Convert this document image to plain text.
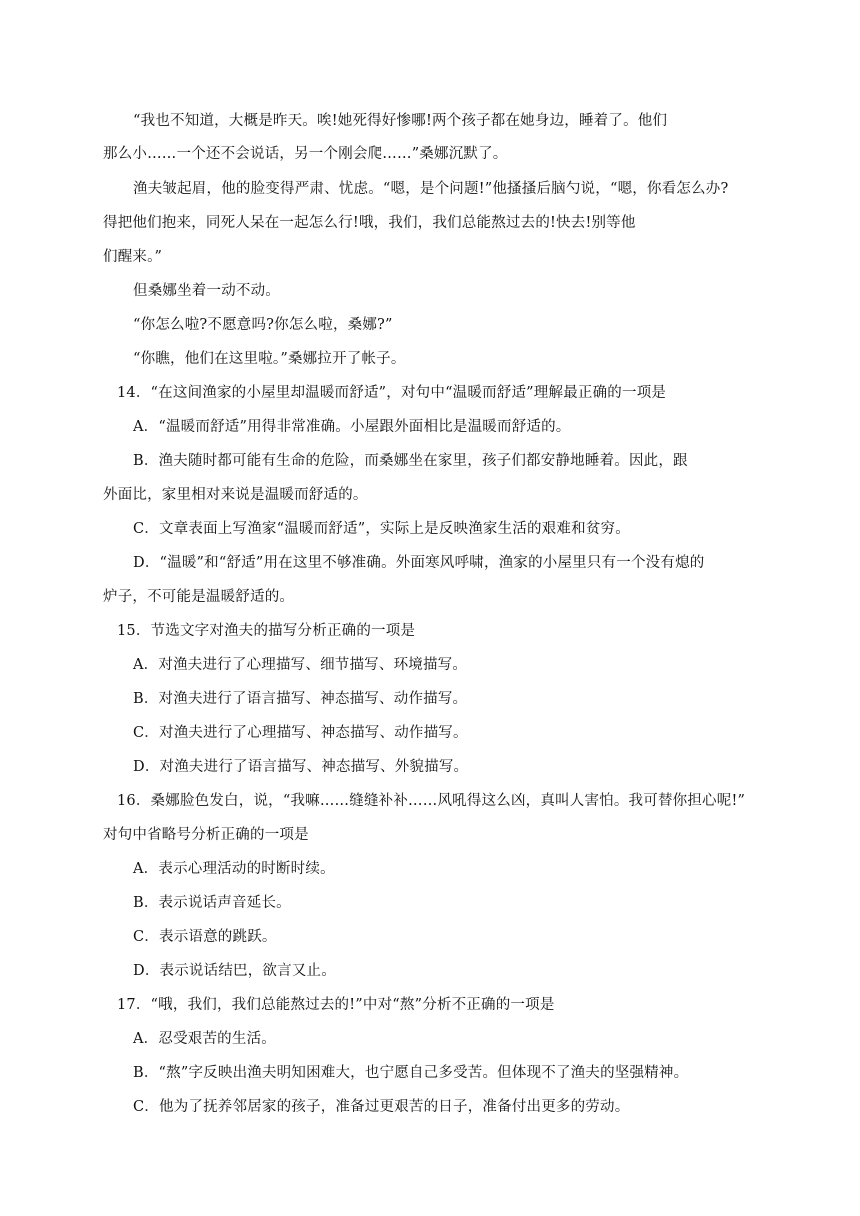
“我也不知道，大概是昨天。唉!她死得好惨哪!两个孩子都在她身边，睡着了。他们
那么小……一个还不会说话，另一个刚会爬……”桑娜沉默了。
渔夫皱起眉，他的脸变得严肃、忧虑。“嗯，是个问题!”他搔搔后脑勺说，“嗯，你看怎么办?
得把他们抱来，同死人呆在一起怎么行!哦，我们，我们总能熬过去的!快去!别等他
们醒来。”
但桑娜坐着一动不动。
“你怎么啦?不愿意吗?你怎么啦，桑娜?”
“你瞧，他们在这里啦。”桑娜拉开了帐子。
14．“在这间渔家的小屋里却温暖而舒适”，对句中“温暖而舒适”理解最正确的一项是
A．“温暖而舒适”用得非常准确。小屋跟外面相比是温暖而舒适的。
B．渔夫随时都可能有生命的危险，而桑娜坐在家里，孩子们都安静地睡着。因此，跟
外面比，家里相对来说是温暖而舒适的。
C．文章表面上写渔家“温暖而舒适”，实际上是反映渔家生活的艰难和贫穷。
D．“温暖”和“舒适”用在这里不够准确。外面寒风呼啸，渔家的小屋里只有一个没有熄的
炉子，不可能是温暖舒适的。
15．节选文字对渔夫的描写分析正确的一项是
A．对渔夫进行了心理描写、细节描写、环境描写。
B．对渔夫进行了语言描写、神态描写、动作描写。
C．对渔夫进行了心理描写、神态描写、动作描写。
D．对渔夫进行了语言描写、神态描写、外貌描写。
16．桑娜脸色发白，说，“我嘛……缝缝补补……风吼得这么凶，真叫人害怕。我可替你担心呢!”
对句中省略号分析正确的一项是
A．表示心理活动的时断时续。
B．表示说话声音延长。
C．表示语意的跳跃。
D．表示说话结巴，欲言又止。
17．“哦，我们，我们总能熬过去的!”中对“熬”分析不正确的一项是
A．忍受艰苦的生活。
B．“熬”字反映出渔夫明知困难大，也宁愿自己多受苦。但体现不了渔夫的坚强精神。
C．他为了抚养邻居家的孩子，准备过更艰苦的日子，准备付出更多的劳动。
